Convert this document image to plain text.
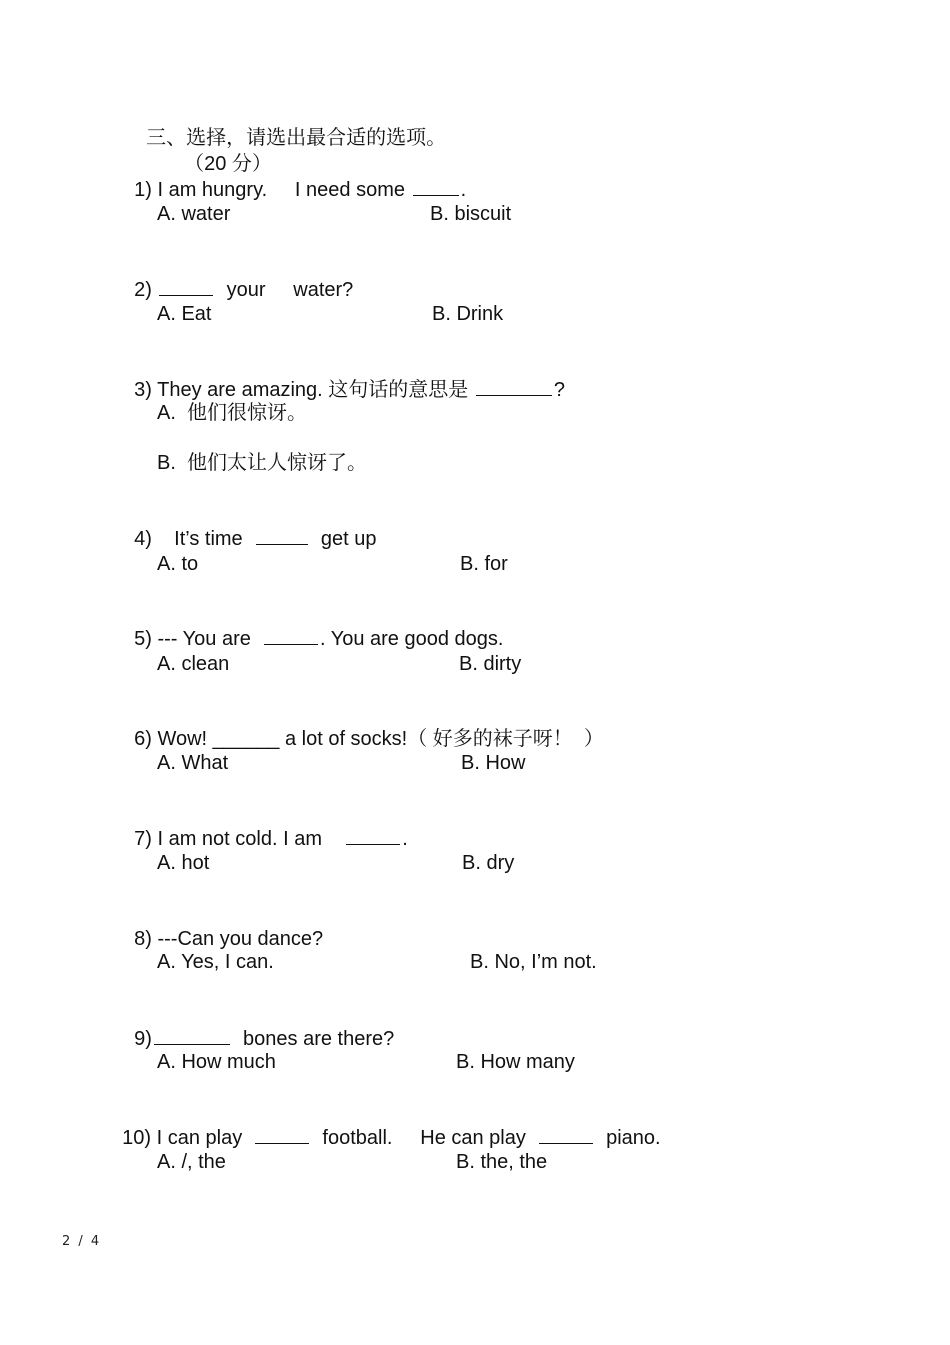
三、选择，请选出最合适的选项。
（20 分）

1) I am hungry.     I need some	.

A. water	B. biscuit

2)	your     water?

A. Eat	B. Drink

3) They are amazing. 这句话的意思是	?

A.  他们很惊讶。
B.  他们太让人惊讶了。

4)    It’s time	get up

A. to	B. for

5) --- You are	. You are good dogs.

A. clean	B. dirty

6) Wow! ______ a lot of socks!（ 好多的袜子呀！  ）

A. What	B. How

7) I am not cold. I am	.

A. hot	B. dry

8) ---Can you dance?

A. Yes, I can.	B. No, I’m not.

9)	bones are there?

A. How much	B. How many

10) I can play	football.     He can play	piano.

A. /, the	B. the, the
2 / 4
